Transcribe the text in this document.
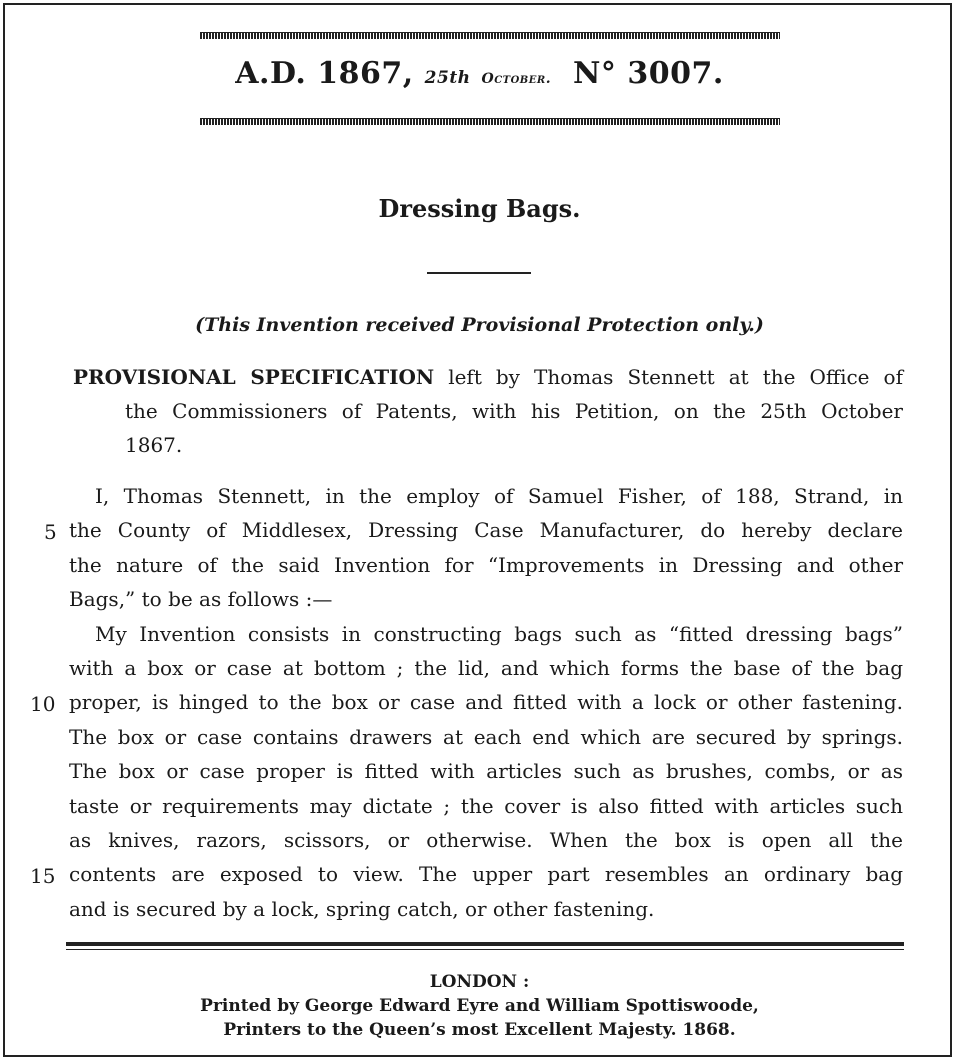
A.D. 1867, 25th October. N° 3007.
Dressing Bags.
(This Invention received Provisional Protection only.)
PROVISIONAL SPECIFICATION left by Thomas Stennett at the Office of
the Commissioners of Patents, with his Petition, on the 25th October
1867.
I, Thomas Stennett, in the employ of Samuel Fisher, of 188, Strand, in
the County of Middlesex, Dressing Case Manufacturer, do hereby declare
5
the nature of the said Invention for “Improvements in Dressing and other
Bags,” to be as follows :—
My Invention consists in constructing bags such as “fitted dressing bags”
with a box or case at bottom ; the lid, and which forms the base of the bag
proper, is hinged to the box or case and fitted with a lock or other fastening.
10
The box or case contains drawers at each end which are secured by springs.
The box or case proper is fitted with articles such as brushes, combs, or as
taste or requirements may dictate ; the cover is also fitted with articles such
as knives, razors, scissors, or otherwise. When the box is open all the
contents are exposed to view. The upper part resembles an ordinary bag
15
and is secured by a lock, spring catch, or other fastening.
LONDON :
Printed by George Edward Eyre and William Spottiswoode,
Printers to the Queen’s most Excellent Majesty. 1868.
